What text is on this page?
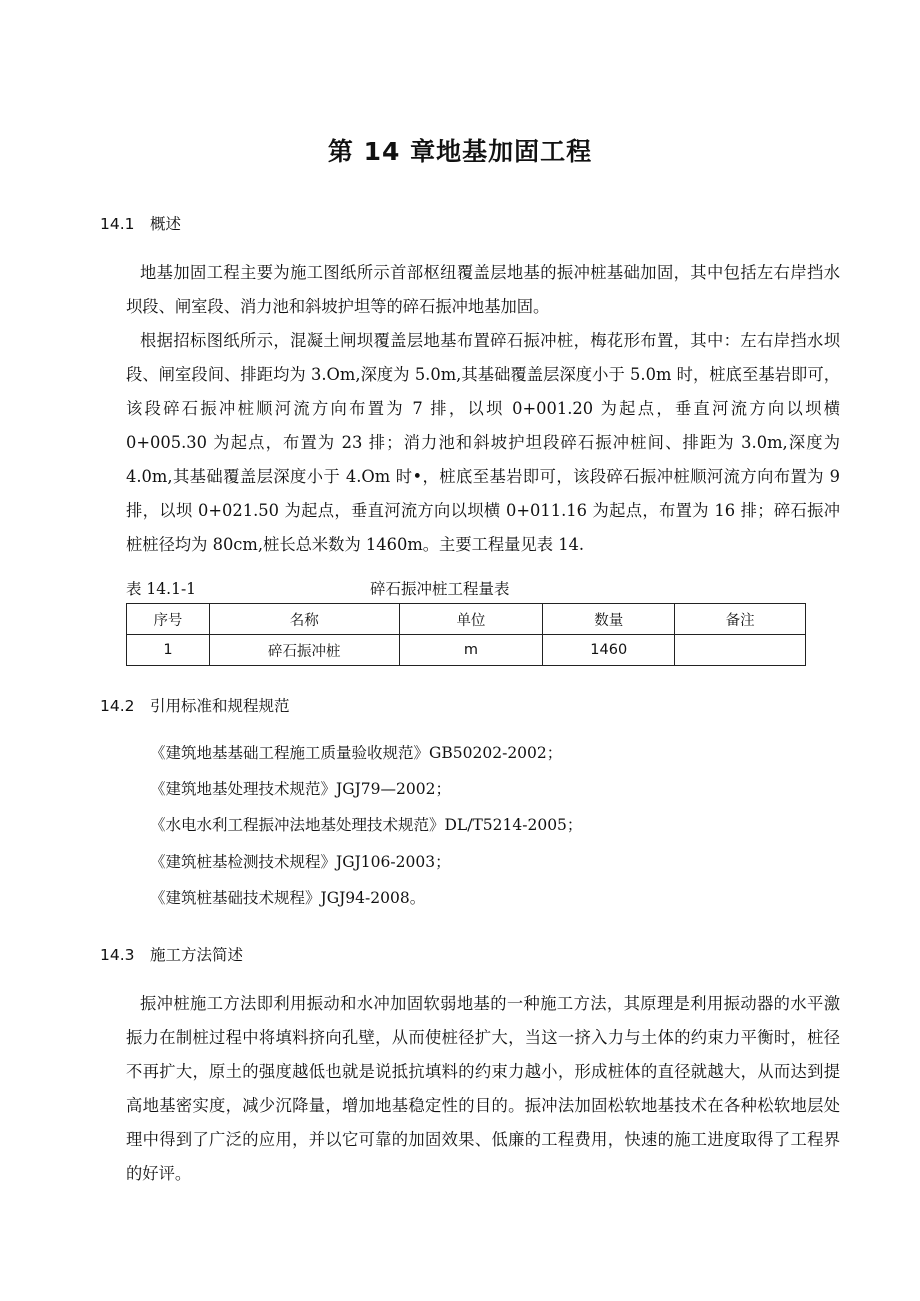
第 14 章地基加固工程
14.1 概述

地基加固工程主要为施工图纸所示首部枢纽覆盖层地基的振冲桩基础加固，其中包括左右岸挡水坝段、闸室段、消力池和斜坡护坦等的碎石振冲地基加固。

根据招标图纸所示，混凝土闸坝覆盖层地基布置碎石振冲桩，梅花形布置，其中：左右岸挡水坝段、闸室段间、排距均为 3.Om,深度为 5.0m,其基础覆盖层深度小于 5.0m 时，桩底至基岩即可，该段碎石振冲桩顺河流方向布置为 7 排，以坝 0+001.20 为起点，垂直河流方向以坝横 0+005.30 为起点，布置为 23 排；消力池和斜坡护坦段碎石振冲桩间、排距为 3.0m,深度为 4.0m,其基础覆盖层深度小于 4.Om 时•，桩底至基岩即可，该段碎石振冲桩顺河流方向布置为 9 排，以坝 0+021.50 为起点，垂直河流方向以坝横 0+011.16 为起点，布置为 16 排；碎石振冲桩桩径均为 80cm,桩长总米数为 1460m。主要工程量见表 14.

表 14.1-1	碎石振冲桩工程量表
序号	名称	单位	数量	备注
1	碎石振冲桩	m	1460	
14.2 引用标准和规程规范
《建筑地基基础工程施工质量验收规范》GB50202-2002；
《建筑地基处理技术规范》JGJ79—2002；
《水电水利工程振冲法地基处理技术规范》DL/T5214-2005；
《建筑桩基检测技术规程》JGJ106-2003；
《建筑桩基础技术规程》JGJ94-2008。
14.3 施工方法简述

振冲桩施工方法即利用振动和水冲加固软弱地基的一种施工方法，其原理是利用振动器的水平激振力在制桩过程中将填料挤向孔壁，从而使桩径扩大，当这一挤入力与土体的约束力平衡时，桩径不再扩大，原土的强度越低也就是说抵抗填料的约束力越小，形成桩体的直径就越大，从而达到提高地基密实度，减少沉降量，增加地基稳定性的目的。振冲法加固松软地基技术在各种松软地层处理中得到了广泛的应用，并以它可靠的加固效果、低廉的工程费用，快速的施工进度取得了工程界的好评。
